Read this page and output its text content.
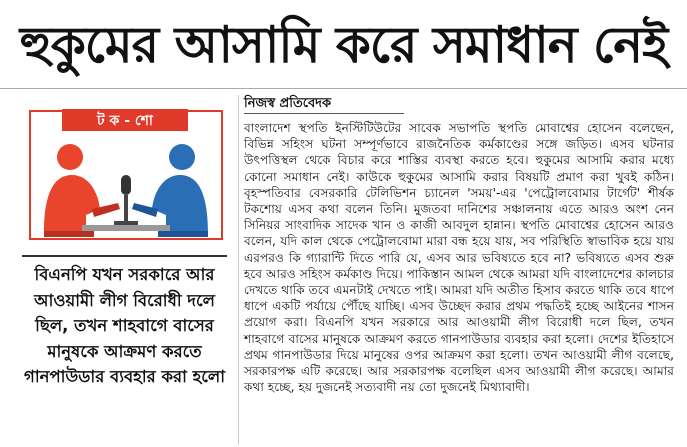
হুকুমের আসামি করে সমাধান নেই
ট ক - শো
বিএনপি যখন সরকারে আর আওয়ামী লীগ বিরোধী দলে ছিল, তখন শাহবাগে বাসের মানুষকে আক্রমণ করতে গানপাউডার ব্যবহার করা হলো
নিজস্ব প্রতিবেদক
বাংলাদেশ স্থপতি ইনস্টিটিউটের সাবেক সভাপতি স্থপতি মোবাশ্বের হোসেন বলেছেন, বিভিন্ন সহিংস ঘটনা সম্পূর্ণভাবে রাজনৈতিক কর্মকাণ্ডের সঙ্গে জড়িত। এসব ঘটনার উৎপত্তিস্থল থেকে বিচার করে শাস্তির ব্যবস্থা করতে হবে। হুকুমের আসামি করার মধ্যে কোনো সমাধান নেই। কাউকে হুকুমের আসামি করার বিষয়টি প্রমাণ করা খুবই কঠিন। বৃহস্পতিবার বেসরকারি টেলিভিশন চ্যানেল 'সময়'-এর 'পেট্রোলবোমার টার্গেট' শীর্ষক টকশোয় এসব কথা বলেন তিনি। মুজতবা দানিশের সঞ্চালনায় এতে আরও অংশ নেন সিনিয়র সাংবাদিক সাদেক খান ও কাজী আবদুল হান্নান। স্থপতি মোবাশ্বের হোসেন আরও বলেন, যদি কাল থেকে পেট্রোলবোমা মারা বন্ধ হয়ে যায়, সব পরিস্থিতি স্বাভাবিক হয়ে যায় এরপরও কি গ্যারান্টি দিতে পারি যে, এসব আর ভবিষ্যতে হবে না? ভবিষ্যতে এসব শুরু হবে আরও সহিংস কর্মকাণ্ড দিয়ে। পাকিস্তান আমল থেকে আমরা যদি বাংলাদেশের কালচার দেখতে থাকি তবে এমনটাই দেখতে পাই। আমরা যদি অতীত হিসাব করতে থাকি তবে ধাপে ধাপে একটি পর্যায়ে পৌঁছে যাচ্ছি। এসব উচ্ছেদ করার প্রথম পদ্ধতিই হচ্ছে আইনের শাসন প্রয়োগ করা। বিএনপি যখন সরকারে আর আওয়ামী লীগ বিরোধী দলে ছিল, তখন শাহবাগে বাসের মানুষকে আক্রমণ করতে গানপাউডার ব্যবহার করা হলো। দেশের ইতিহাসে প্রথম গানপাউডার দিয়ে মানুষের ওপর আক্রমণ করা হলো। তখন আওয়ামী লীগ বলেছে, সরকারপক্ষ এটি করেছে। আর সরকারপক্ষ বলেছিল এসব আওয়ামী লীগ করেছে। আমার কথা হচ্ছে, হয় দুজনেই সত্যবাদী নয় তো দুজনেই মিথ্যাবাদী।
